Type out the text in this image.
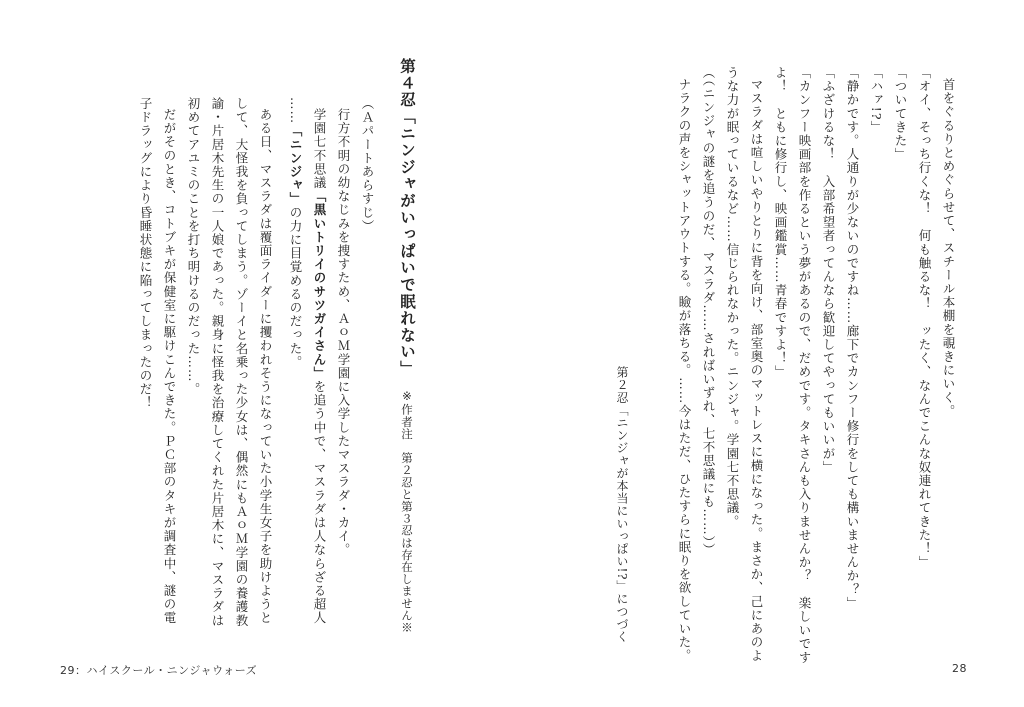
第４忍「ニンジャがいっぱいで眠れない」※作者注　第２忍と第３忍は存在しません※
（Ａパートあらすじ）
行方不明の幼なじみを捜すため、ＡｏＭ学園に入学したマスラダ・カイ。
学園七不思議「黒いトリイのサツガイさん」を追う中で、マスラダは人ならざる超人
……「ニンジャ」の力に目覚めるのだった。
ある日、マスラダは覆面ライダーに攫われそうになっていた小学生女子を助けようと
して、大怪我を負ってしまう。ゾーイと名乗った少女は、偶然にもＡｏＭ学園の養護教
諭・片居木先生の一人娘であった。親身に怪我を治療してくれた片居木に、マスラダは
初めてアユミのことを打ち明けるのだった……。
だがそのとき、コトブキが保健室に駆けこんできた。ＰＣ部のタキが調査中、謎の電
子ドラッグにより昏睡状態に陥ってしまったのだ！
29：ハイスクール・ニンジャウォーズ
首をぐるりとめぐらせて、スチール本棚を覗きにいく。
「オイ、そっち行くな！　何も触るな！　ッたく、なんでこんな奴連れてきた！」
「ついてきた」
「ハァ!?」
「静かです。人通りが少ないのですね……廊下でカンフー修行をしても構いませんか？」
「ふざけるな！　入部希望者ってんなら歓迎してやってもいいが」
「カンフー映画部を作るという夢があるので、だめです。タキさんも入りませんか？　楽しいです
よ！　ともに修行し、映画鑑賞……青春ですよ！」
マスラダは喧しいやりとりに背を向け、部室奥のマットレスに横になった。まさか、己にあのよ
うな力が眠っているなど……信じられなかった。ニンジャ。学園七不思議。
（（ニンジャの謎を追うのだ、マスラダ……さればいずれ、七不思議にも……））
ナラクの声をシャットアウトする。瞼が落ちる。……今はただ、ひたすらに眠りを欲していた。
第２忍「ニンジャが本当にいっぱい!?」につづく
28
